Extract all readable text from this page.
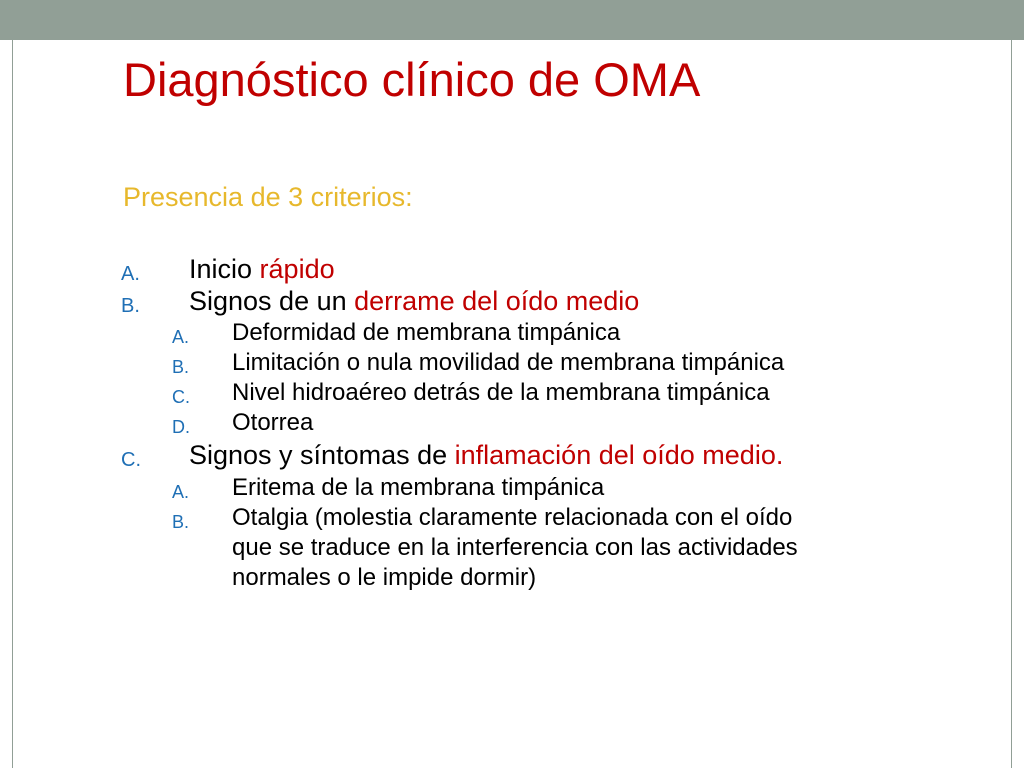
Diagnóstico clínico de OMA
Presencia de 3 criterios:
A. Inicio rápido
B. Signos de un derrame del oído medio
A. Deformidad de membrana timpánica
B. Limitación o nula movilidad de membrana timpánica
C. Nivel hidroaéreo detrás de la membrana timpánica
D. Otorrea
C. Signos y síntomas de inflamación del oído medio.
A. Eritema de la membrana timpánica
B. Otalgia (molestia claramente relacionada con el oído
que se traduce en la interferencia con las actividades
normales o le impide dormir)
